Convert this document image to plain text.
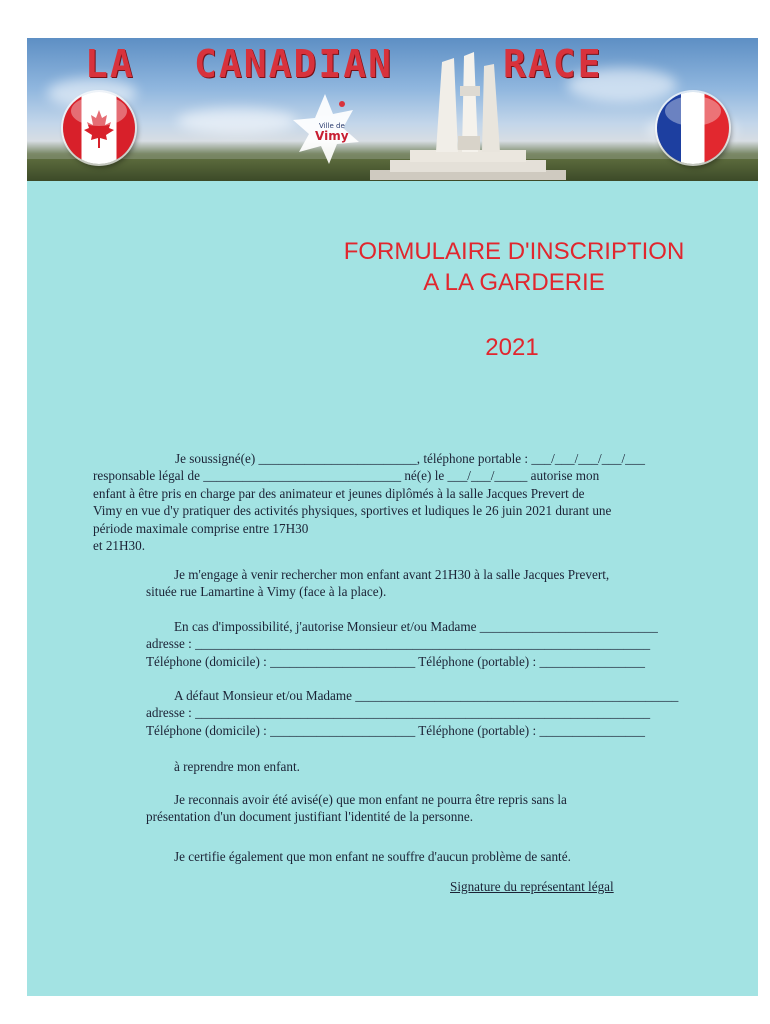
LA CANADIAN	RACE
Ville de
Vimy
FORMULAIRE D'INSCRIPTION
A LA GARDERIE
2021
Je soussigné(e) ________________________, téléphone portable : ___/___/___/___/___
responsable légal de ______________________________ né(e) le ___/___/_____ autorise mon
enfant à être pris en charge par des animateur et jeunes diplômés à la salle Jacques Prevert de
Vimy en vue d'y pratiquer des activités physiques, sportives et ludiques le 26 juin 2021 durant une
période maximale comprise entre 17H30
et 21H30.
Je m'engage à venir rechercher mon enfant avant 21H30 à la salle Jacques Prevert,
située rue Lamartine à Vimy (face à la place).
En cas d'impossibilité, j'autorise Monsieur et/ou Madame ___________________________
adresse : _____________________________________________________________________
Téléphone (domicile) : ______________________ Téléphone (portable) : ________________
A défaut Monsieur et/ou Madame _________________________________________________
adresse : _____________________________________________________________________
Téléphone (domicile) : ______________________ Téléphone (portable) : ________________
à reprendre mon enfant.
Je reconnais avoir été avisé(e) que mon enfant ne pourra être repris sans la
présentation d'un document justifiant l'identité de la personne.
Je certifie également que mon enfant ne souffre d'aucun problème de santé.
Signature du représentant légal
